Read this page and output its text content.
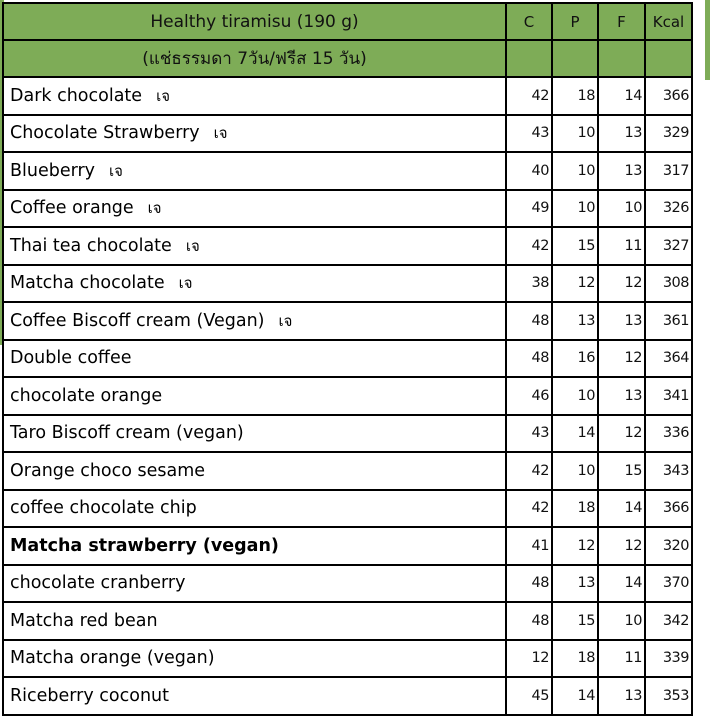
Healthy tiramisu (190 g)	C	P	F	Kcal
(แช่ธรรมดา 7วัน/ฟรีส 15 วัน)				
Dark chocolate เจ	42	18	14	366
Chocolate Strawberry เจ	43	10	13	329
Blueberry เจ	40	10	13	317
Coffee orange เจ	49	10	10	326
Thai tea chocolate เจ	42	15	11	327
Matcha chocolate เจ	38	12	12	308
Coffee Biscoff cream (Vegan) เจ	48	13	13	361
Double coffee	48	16	12	364
chocolate orange	46	10	13	341
Taro Biscoff cream (vegan)	43	14	12	336
Orange choco sesame	42	10	15	343
coffee chocolate chip	42	18	14	366
Matcha strawberry (vegan)	41	12	12	320
chocolate cranberry	48	13	14	370
Matcha red bean	48	15	10	342
Matcha orange (vegan)	12	18	11	339
Riceberry coconut	45	14	13	353
